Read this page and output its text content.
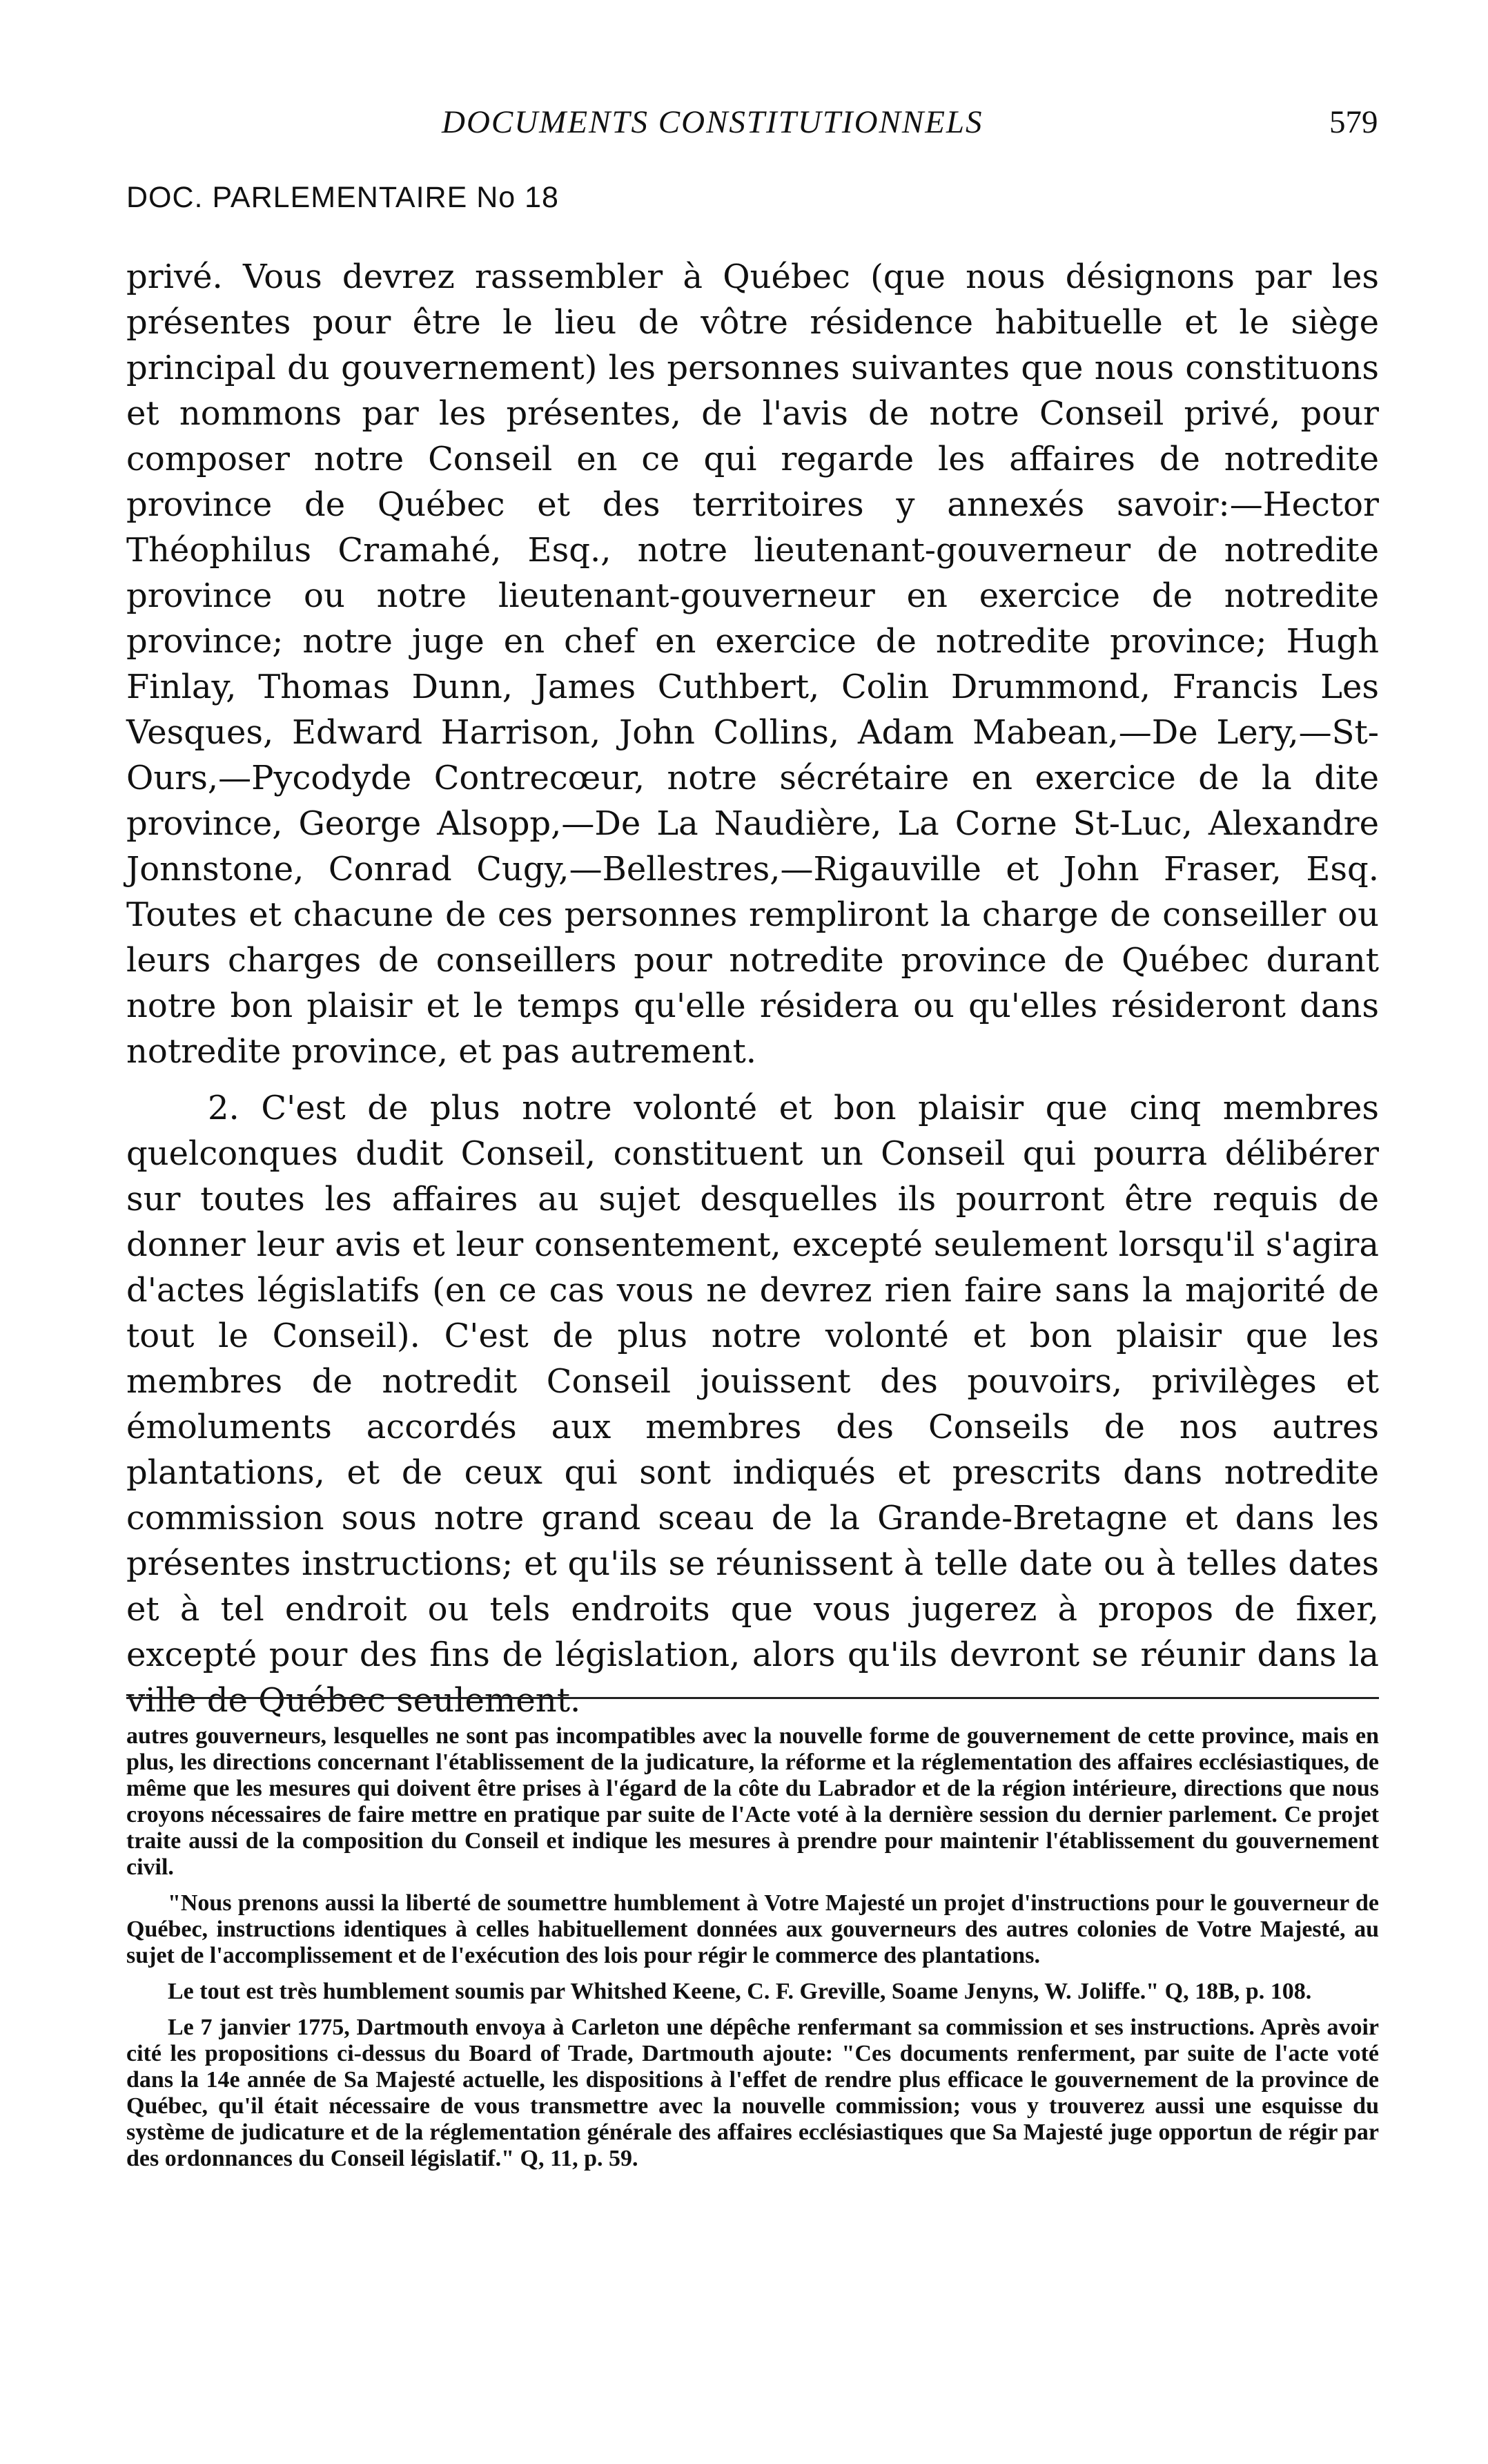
DOCUMENTS CONSTITUTIONNELS	579
DOC. PARLEMENTAIRE No 18

privé. Vous devrez rassembler à Québec (que nous désignons par les présentes pour être le lieu de vôtre résidence habituelle et le siège principal du gouvernement) les personnes suivantes que nous constituons et nommons par les présentes, de l'avis de notre Conseil privé, pour composer notre Conseil en ce qui regarde les affaires de notredite province de Québec et des territoires y annexés savoir:—Hector Théophilus Cramahé, Esq., notre lieutenant-gouverneur de notredite province ou notre lieutenant-gouverneur en exercice de notredite province; notre juge en chef en exercice de notredite province; Hugh Finlay, Thomas Dunn, James Cuthbert, Colin Drummond, Francis Les Vesques, Edward Harrison, John Collins, Adam Mabean,—De Lery,—St-Ours,—Pycodyde Contrecœur, notre sécrétaire en exercice de la dite province, George Alsopp,—De La Naudière, La Corne St-Luc, Alexandre Jonnstone, Conrad Cugy,—Bellestres,—Rigauville et John Fraser, Esq. Toutes et chacune de ces personnes rempliront la charge de conseiller ou leurs charges de conseillers pour notredite province de Québec durant notre bon plaisir et le temps qu'elle résidera ou qu'elles résideront dans notredite province, et pas autrement.

2. C'est de plus notre volonté et bon plaisir que cinq membres quelconques dudit Conseil, constituent un Conseil qui pourra délibérer sur toutes les affaires au sujet desquelles ils pourront être requis de donner leur avis et leur consentement, excepté seulement lorsqu'il s'agira d'actes législatifs (en ce cas vous ne devrez rien faire sans la majorité de tout le Conseil). C'est de plus notre volonté et bon plaisir que les membres de notredit Conseil jouissent des pouvoirs, privilèges et émoluments accordés aux membres des Conseils de nos autres plantations, et de ceux qui sont indiqués et prescrits dans notredite commission sous notre grand sceau de la Grande-Bretagne et dans les présentes instructions; et qu'ils se réunissent à telle date ou à telles dates et à tel endroit ou tels endroits que vous jugerez à propos de fixer, excepté pour des fins de législation, alors qu'ils devront se réunir dans la ville de Québec seulement.

autres gouverneurs, lesquelles ne sont pas incompatibles avec la nouvelle forme de gouvernement de cette province, mais en plus, les directions concernant l'établissement de la judicature, la réforme et la réglementation des affaires ecclésiastiques, de même que les mesures qui doivent être prises à l'égard de la côte du Labrador et de la région intérieure, directions que nous croyons nécessaires de faire mettre en pratique par suite de l'Acte voté à la dernière session du dernier parlement. Ce projet traite aussi de la composition du Conseil et indique les mesures à prendre pour maintenir l'établissement du gouvernement civil.

"Nous prenons aussi la liberté de soumettre humblement à Votre Majesté un projet d'instructions pour le gouverneur de Québec, instructions identiques à celles habituellement données aux gouverneurs des autres colonies de Votre Majesté, au sujet de l'accomplissement et de l'exécution des lois pour régir le commerce des plantations.

Le tout est très humblement soumis par Whitshed Keene, C. F. Greville, Soame Jenyns, W. Joliffe." Q, 18B, p. 108.

Le 7 janvier 1775, Dartmouth envoya à Carleton une dépêche renfermant sa commission et ses instructions. Après avoir cité les propositions ci-dessus du Board of Trade, Dartmouth ajoute: "Ces documents renferment, par suite de l'acte voté dans la 14e année de Sa Majesté actuelle, les dispositions à l'effet de rendre plus efficace le gouvernement de la province de Québec, qu'il était nécessaire de vous transmettre avec la nouvelle commission; vous y trouverez aussi une esquisse du système de judicature et de la réglementation générale des affaires ecclésiastiques que Sa Majesté juge opportun de régir par des ordonnances du Conseil législatif." Q, 11, p. 59.
